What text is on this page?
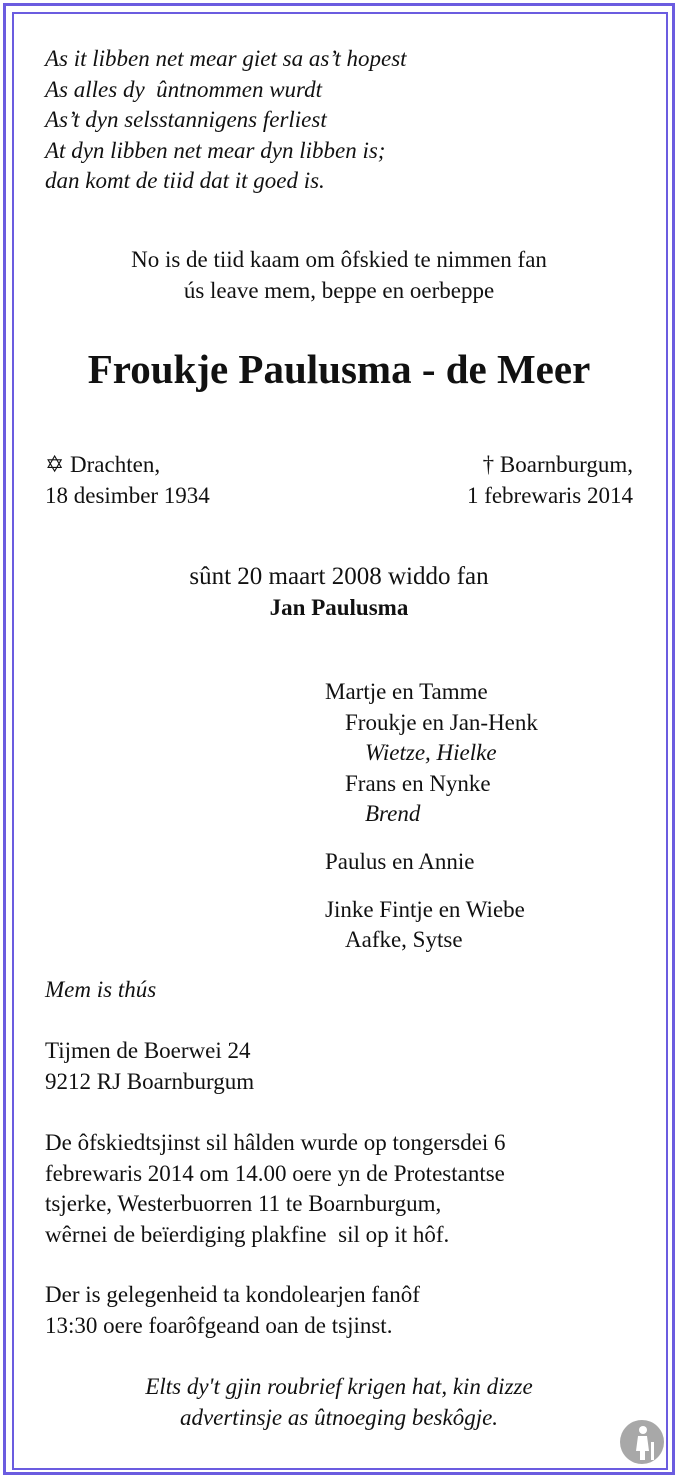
As it libben net mear giet sa as’t hopest
As alles dy  ûntnommen wurdt
As’t dyn selsstannigens ferliest
At dyn libben net mear dyn libben is;
dan komt de tiid dat it goed is.
No is de tiid kaam om ôfskied te nimmen fan
ús leave mem, beppe en oerbeppe
Froukje Paulusma - de Meer
✡ Drachten,
18 desimber 1934
† Boarnburgum,
1 febrewaris 2014
sûnt 20 maart 2008 widdo fan
Jan Paulusma
Martje en Tamme
Froukje en Jan-Henk
Wietze, Hielke
Frans en Nynke
Brend
Paulus en Annie
Jinke Fintje en Wiebe
Aafke, Sytse
Mem is thús
Tijmen de Boerwei 24
9212 RJ Boarnburgum
De ôfskiedtsjinst sil hâlden wurde op tongersdei 6
febrewaris 2014 om 14.00 oere yn de Protestantse
tsjerke, Westerbuorren 11 te Boarnburgum,
wêrnei de beïerdiging plakfine  sil op it hôf.
Der is gelegenheid ta kondolearjen fanôf
13:30 oere foarôfgeand oan de tsjinst.
Elts dy't gjin roubrief krigen hat, kin dizze
advertinsje as ûtnoeging beskôgje.
